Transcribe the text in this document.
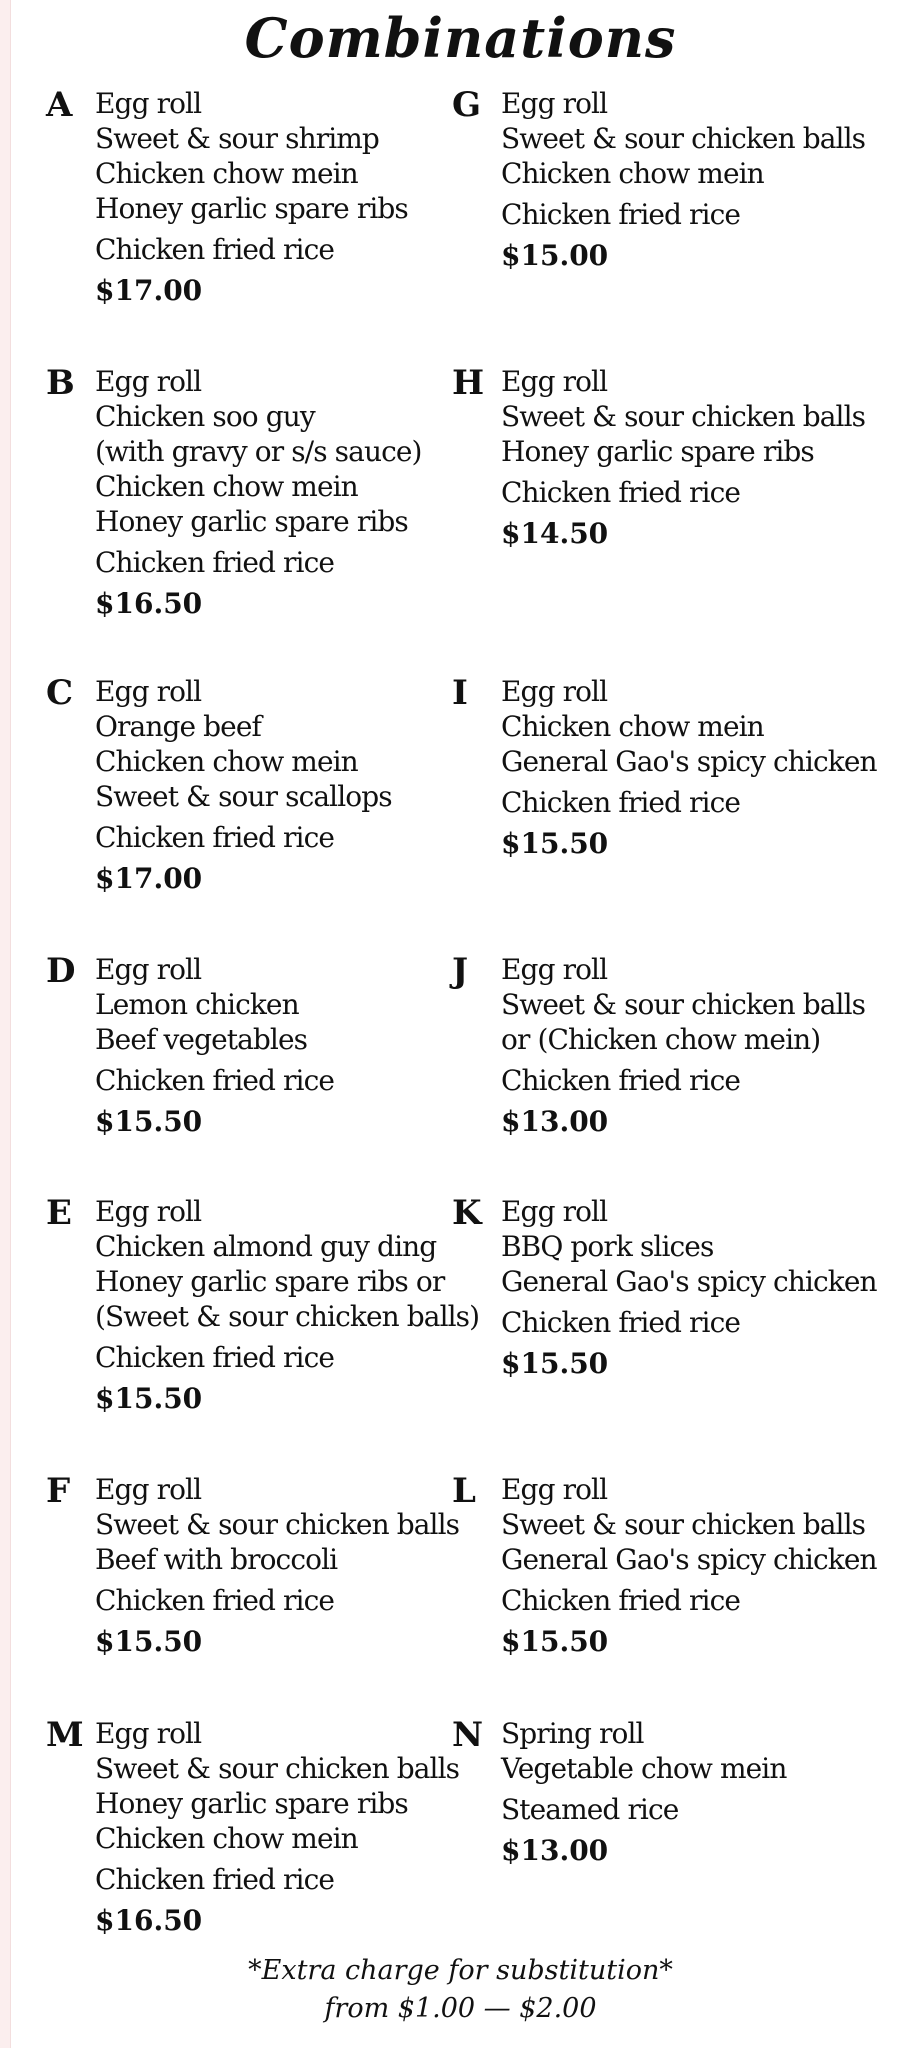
Combinations
A Egg roll
Sweet & sour shrimp
Chicken chow mein
Honey garlic spare ribs
Chicken fried rice
$17.00
G Egg roll
Sweet & sour chicken balls
Chicken chow mein
Chicken fried rice
$15.00
B Egg roll
Chicken soo guy
(with gravy or s/s sauce)
Chicken chow mein
Honey garlic spare ribs
Chicken fried rice
$16.50
H Egg roll
Sweet & sour chicken balls
Honey garlic spare ribs
Chicken fried rice
$14.50
C Egg roll
Orange beef
Chicken chow mein
Sweet & sour scallops
Chicken fried rice
$17.00
I Egg roll
Chicken chow mein
General Gao's spicy chicken
Chicken fried rice
$15.50
D Egg roll
Lemon chicken
Beef vegetables
Chicken fried rice
$15.50
J Egg roll
Sweet & sour chicken balls
or (Chicken chow mein)
Chicken fried rice
$13.00
E Egg roll
Chicken almond guy ding
Honey garlic spare ribs or
(Sweet & sour chicken balls)
Chicken fried rice
$15.50
K Egg roll
BBQ pork slices
General Gao's spicy chicken
Chicken fried rice
$15.50
F Egg roll
Sweet & sour chicken balls
Beef with broccoli
Chicken fried rice
$15.50
L Egg roll
Sweet & sour chicken balls
General Gao's spicy chicken
Chicken fried rice
$15.50
M Egg roll
Sweet & sour chicken balls
Honey garlic spare ribs
Chicken chow mein
Chicken fried rice
$16.50
N Spring roll
Vegetable chow mein
Steamed rice
$13.00
*Extra charge for substitution*
from $1.00 — $2.00
